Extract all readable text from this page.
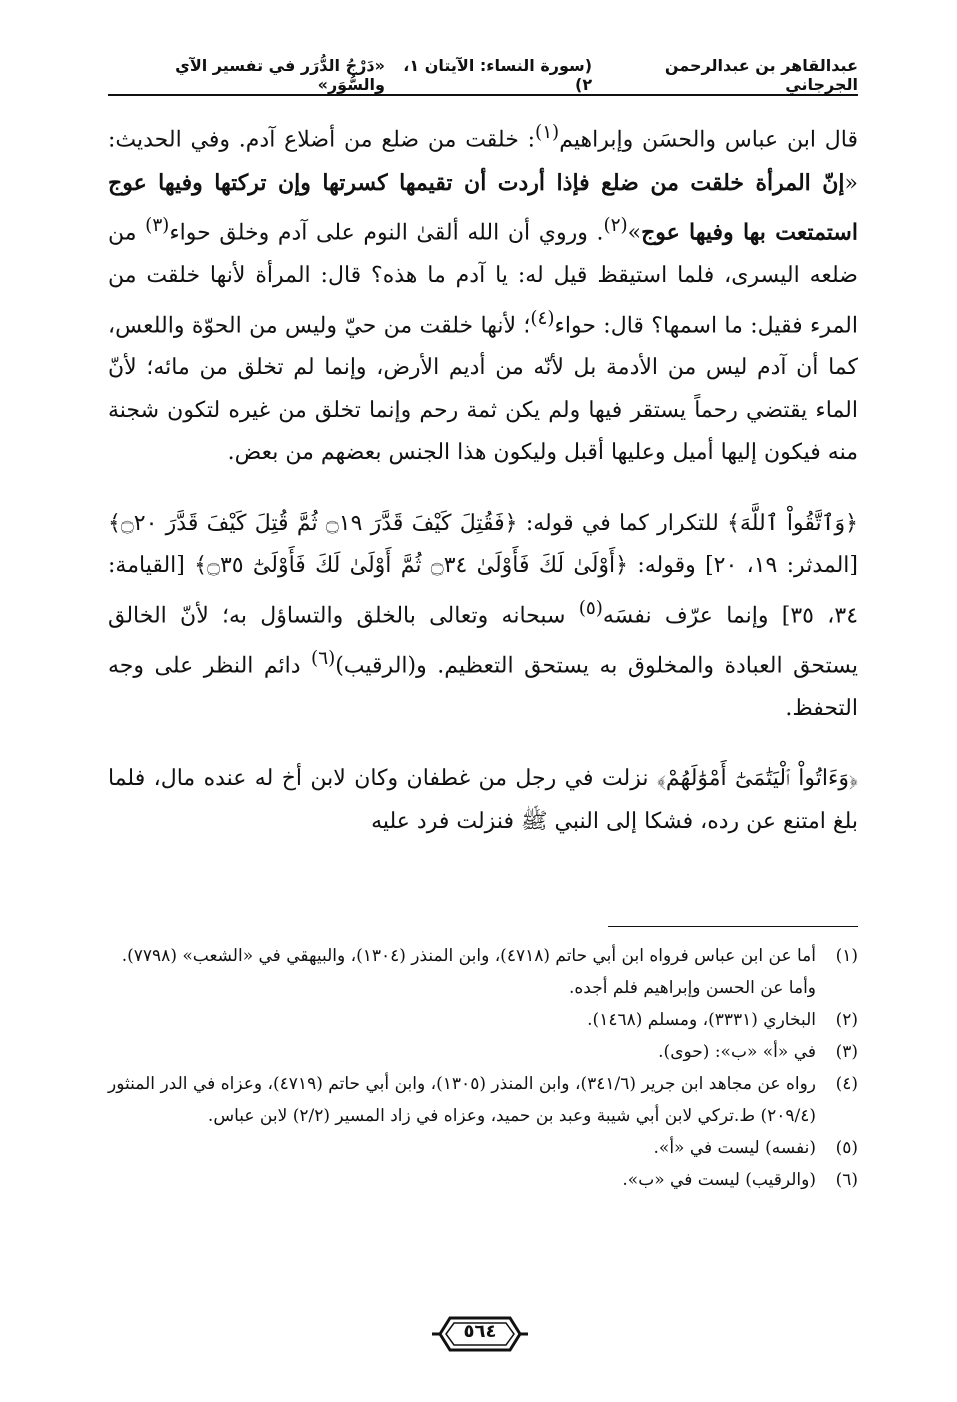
عبدالقاهر بن عبدالرحمن الجرجاني
(سورة النساء: الآيتان ١، ٢)
«دَرْجُ الدُّرَر في تفسير الآي والسُّوَر»

قال ابن عباس والحسَن وإبراهيم$^{(١)}$: خلقت من ضلع من أضلاع آدم. وفي الحديث: «إنّ المرأة خلقت من ضلع فإذا أردت أن تقيمها كسرتها وإن تركتها وفيها عوج استمتعت بها وفيها عوج»$^{(٢)}$. وروي أن الله ألقىٰ النوم على آدم وخلق حواء$^{(٣)}$ من ضلعه اليسرى، فلما استيقظ قيل له: يا آدم ما هذه؟ قال: المرأة لأنها خلقت من المرء فقيل: ما اسمها؟ قال: حواء$^{(٤)}$؛ لأنها خلقت من حيّ وليس من الحوّة واللعس، كما أن آدم ليس من الأدمة بل لأنّه من أديم الأرض، وإنما لم تخلق من مائه؛ لأنّ الماء يقتضي رحماً يستقر فيها ولم يكن ثمة رحم وإنما تخلق من غيره لتكون شجنة منه فيكون إليها أميل وعليها أقبل وليكون هذا الجنس بعضهم من بعض.

﴿وَٱتَّقُواْ ٱللَّهَ﴾ للتكرار كما في قوله: ﴿فَقُتِلَ كَيْفَ قَدَّرَ ۝١٩ ثُمَّ قُتِلَ كَيْفَ قَدَّرَ ۝٢٠﴾ [المدثر: ١٩، ٢٠] وقوله: ﴿أَوْلَىٰ لَكَ فَأَوْلَىٰ ۝٣٤ ثُمَّ أَوْلَىٰ لَكَ فَأَوْلَىٰٓ ۝٣٥﴾ [القيامة: ٣٤، ٣٥] وإنما عرّف نفسَه$^{(٥)}$ سبحانه وتعالى بالخلق والتساؤل به؛ لأنّ الخالق يستحق العبادة والمخلوق به يستحق التعظيم. و(الرقيب)$^{(٦)}$ دائم النظر على وجه التحفظ.

﴿وَءَاتُواْ ٱلْيَتَٰمَىٰٓ أَمْوَٰلَهُمْ﴾ نزلت في رجل من غطفان وكان لابن أخ له عنده مال، فلما بلغ امتنع عن رده، فشكا إلى النبي ﷺ فنزلت فرد عليه

(١)
أما عن ابن عباس فرواه ابن أبي حاتم (٤٧١٨)، وابن المنذر (١٣٠٤)، والبيهقي في «الشعب» (٧٧٩٨).
وأما عن الحسن وإبراهيم فلم أجده.
(٢)
البخاري (٣٣٣١)، ومسلم (١٤٦٨).
(٣)
في «أ» «ب»: (حوى).
(٤)
رواه عن مجاهد ابن جرير (٣٤١/٦)، وابن المنذر (١٣٠٥)، وابن أبي حاتم (٤٧١٩)، وعزاه في الدر المنثور (٢٠٩/٤) ط.تركي لابن أبي شيبة وعبد بن حميد، وعزاه في زاد المسير (٢/٢) لابن عباس.
(٥)
(نفسه) ليست في «أ».
(٦)
(والرقيب) ليست في «ب».
٥٦٤
